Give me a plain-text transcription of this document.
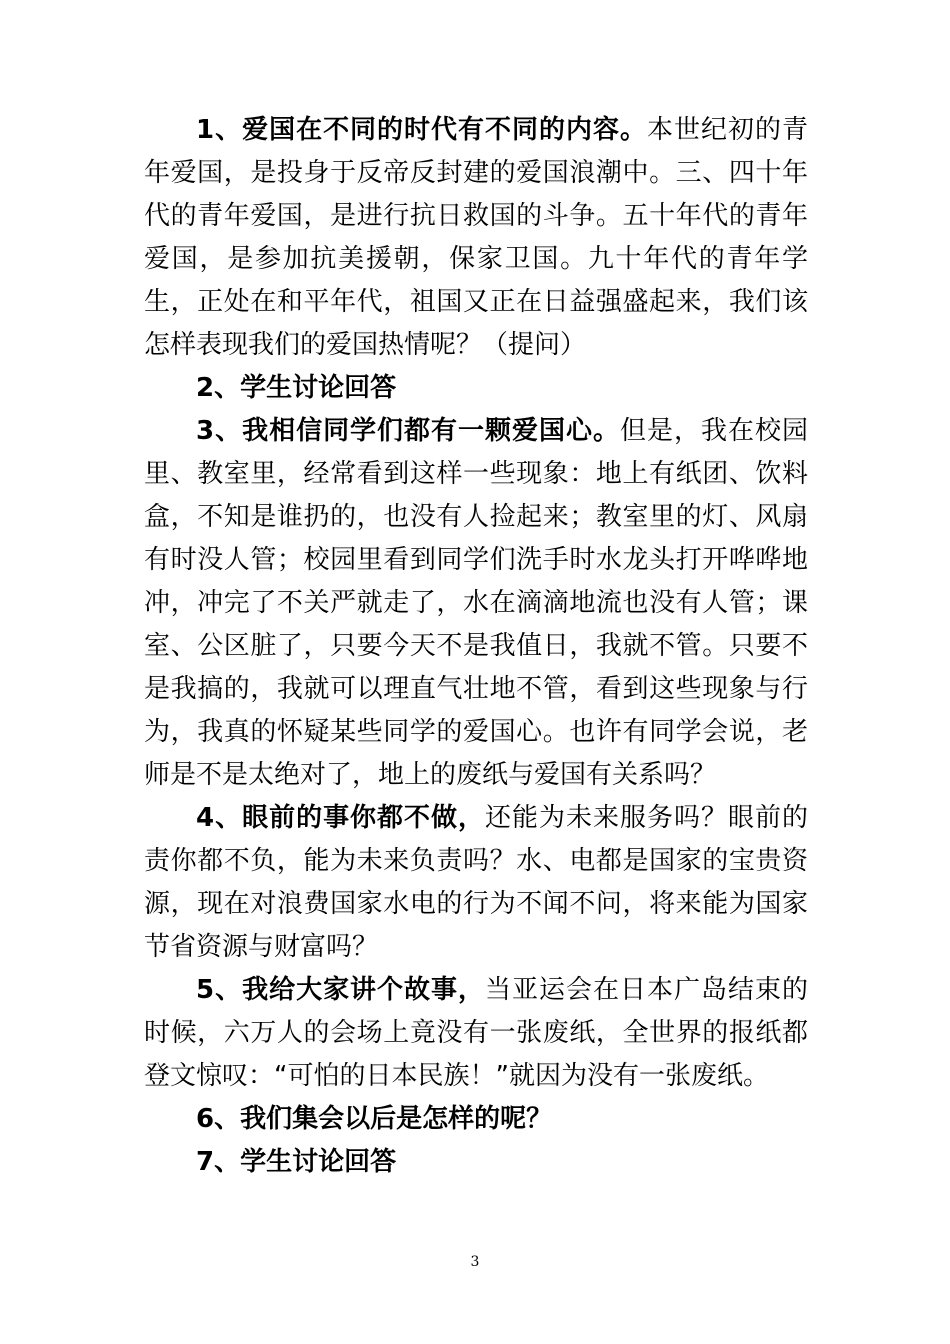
1、爱国在不同的时代有不同的内容。本世纪初的青年爱国，是投身于反帝反封建的爱国浪潮中。三、四十年代的青年爱国，是进行抗日救国的斗争。五十年代的青年爱国，是参加抗美援朝，保家卫国。九十年代的青年学生，正处在和平年代，祖国又正在日益强盛起来，我们该怎样表现我们的爱国热情呢？（提问）

2、学生讨论回答

3、我相信同学们都有一颗爱国心。但是，我在校园里、教室里，经常看到这样一些现象：地上有纸团、饮料盒，不知是谁扔的，也没有人捡起来；教室里的灯、风扇有时没人管；校园里看到同学们洗手时水龙头打开哗哗地冲，冲完了不关严就走了，水在滴滴地流也没有人管；课室、公区脏了，只要今天不是我值日，我就不管。只要不是我搞的，我就可以理直气壮地不管，看到这些现象与行为，我真的怀疑某些同学的爱国心。也许有同学会说，老师是不是太绝对了，地上的废纸与爱国有关系吗？

4、眼前的事你都不做，还能为未来服务吗？眼前的责你都不负，能为未来负责吗？水、电都是国家的宝贵资源，现在对浪费国家水电的行为不闻不问，将来能为国家节省资源与财富吗？

5、我给大家讲个故事，当亚运会在日本广岛结束的时候，六万人的会场上竟没有一张废纸，全世界的报纸都登文惊叹：“可怕的日本民族！”就因为没有一张废纸。

6、我们集会以后是怎样的呢？

7、学生讨论回答

3
